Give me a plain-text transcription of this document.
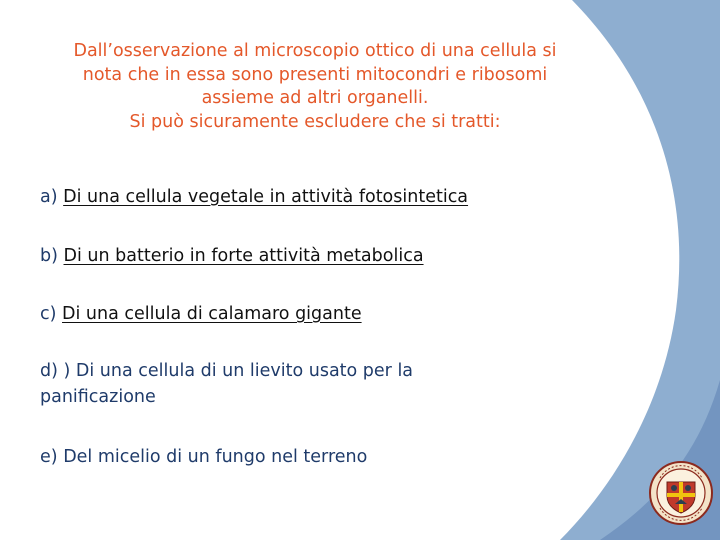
Dall’osservazione al microscopio ottico di una cellula si
nota che in essa sono presenti mitocondri e ribosomi
assieme ad altri organelli.
Si può sicuramente escludere che si tratti:
a) Di una cellula vegetale in attività fotosintetica
b) Di un batterio in forte attività metabolica
c) Di una cellula di calamaro gigante
d) ) Di una cellula di un lievito usato per la
panificazione
e) Del micelio di un fungo nel terreno
